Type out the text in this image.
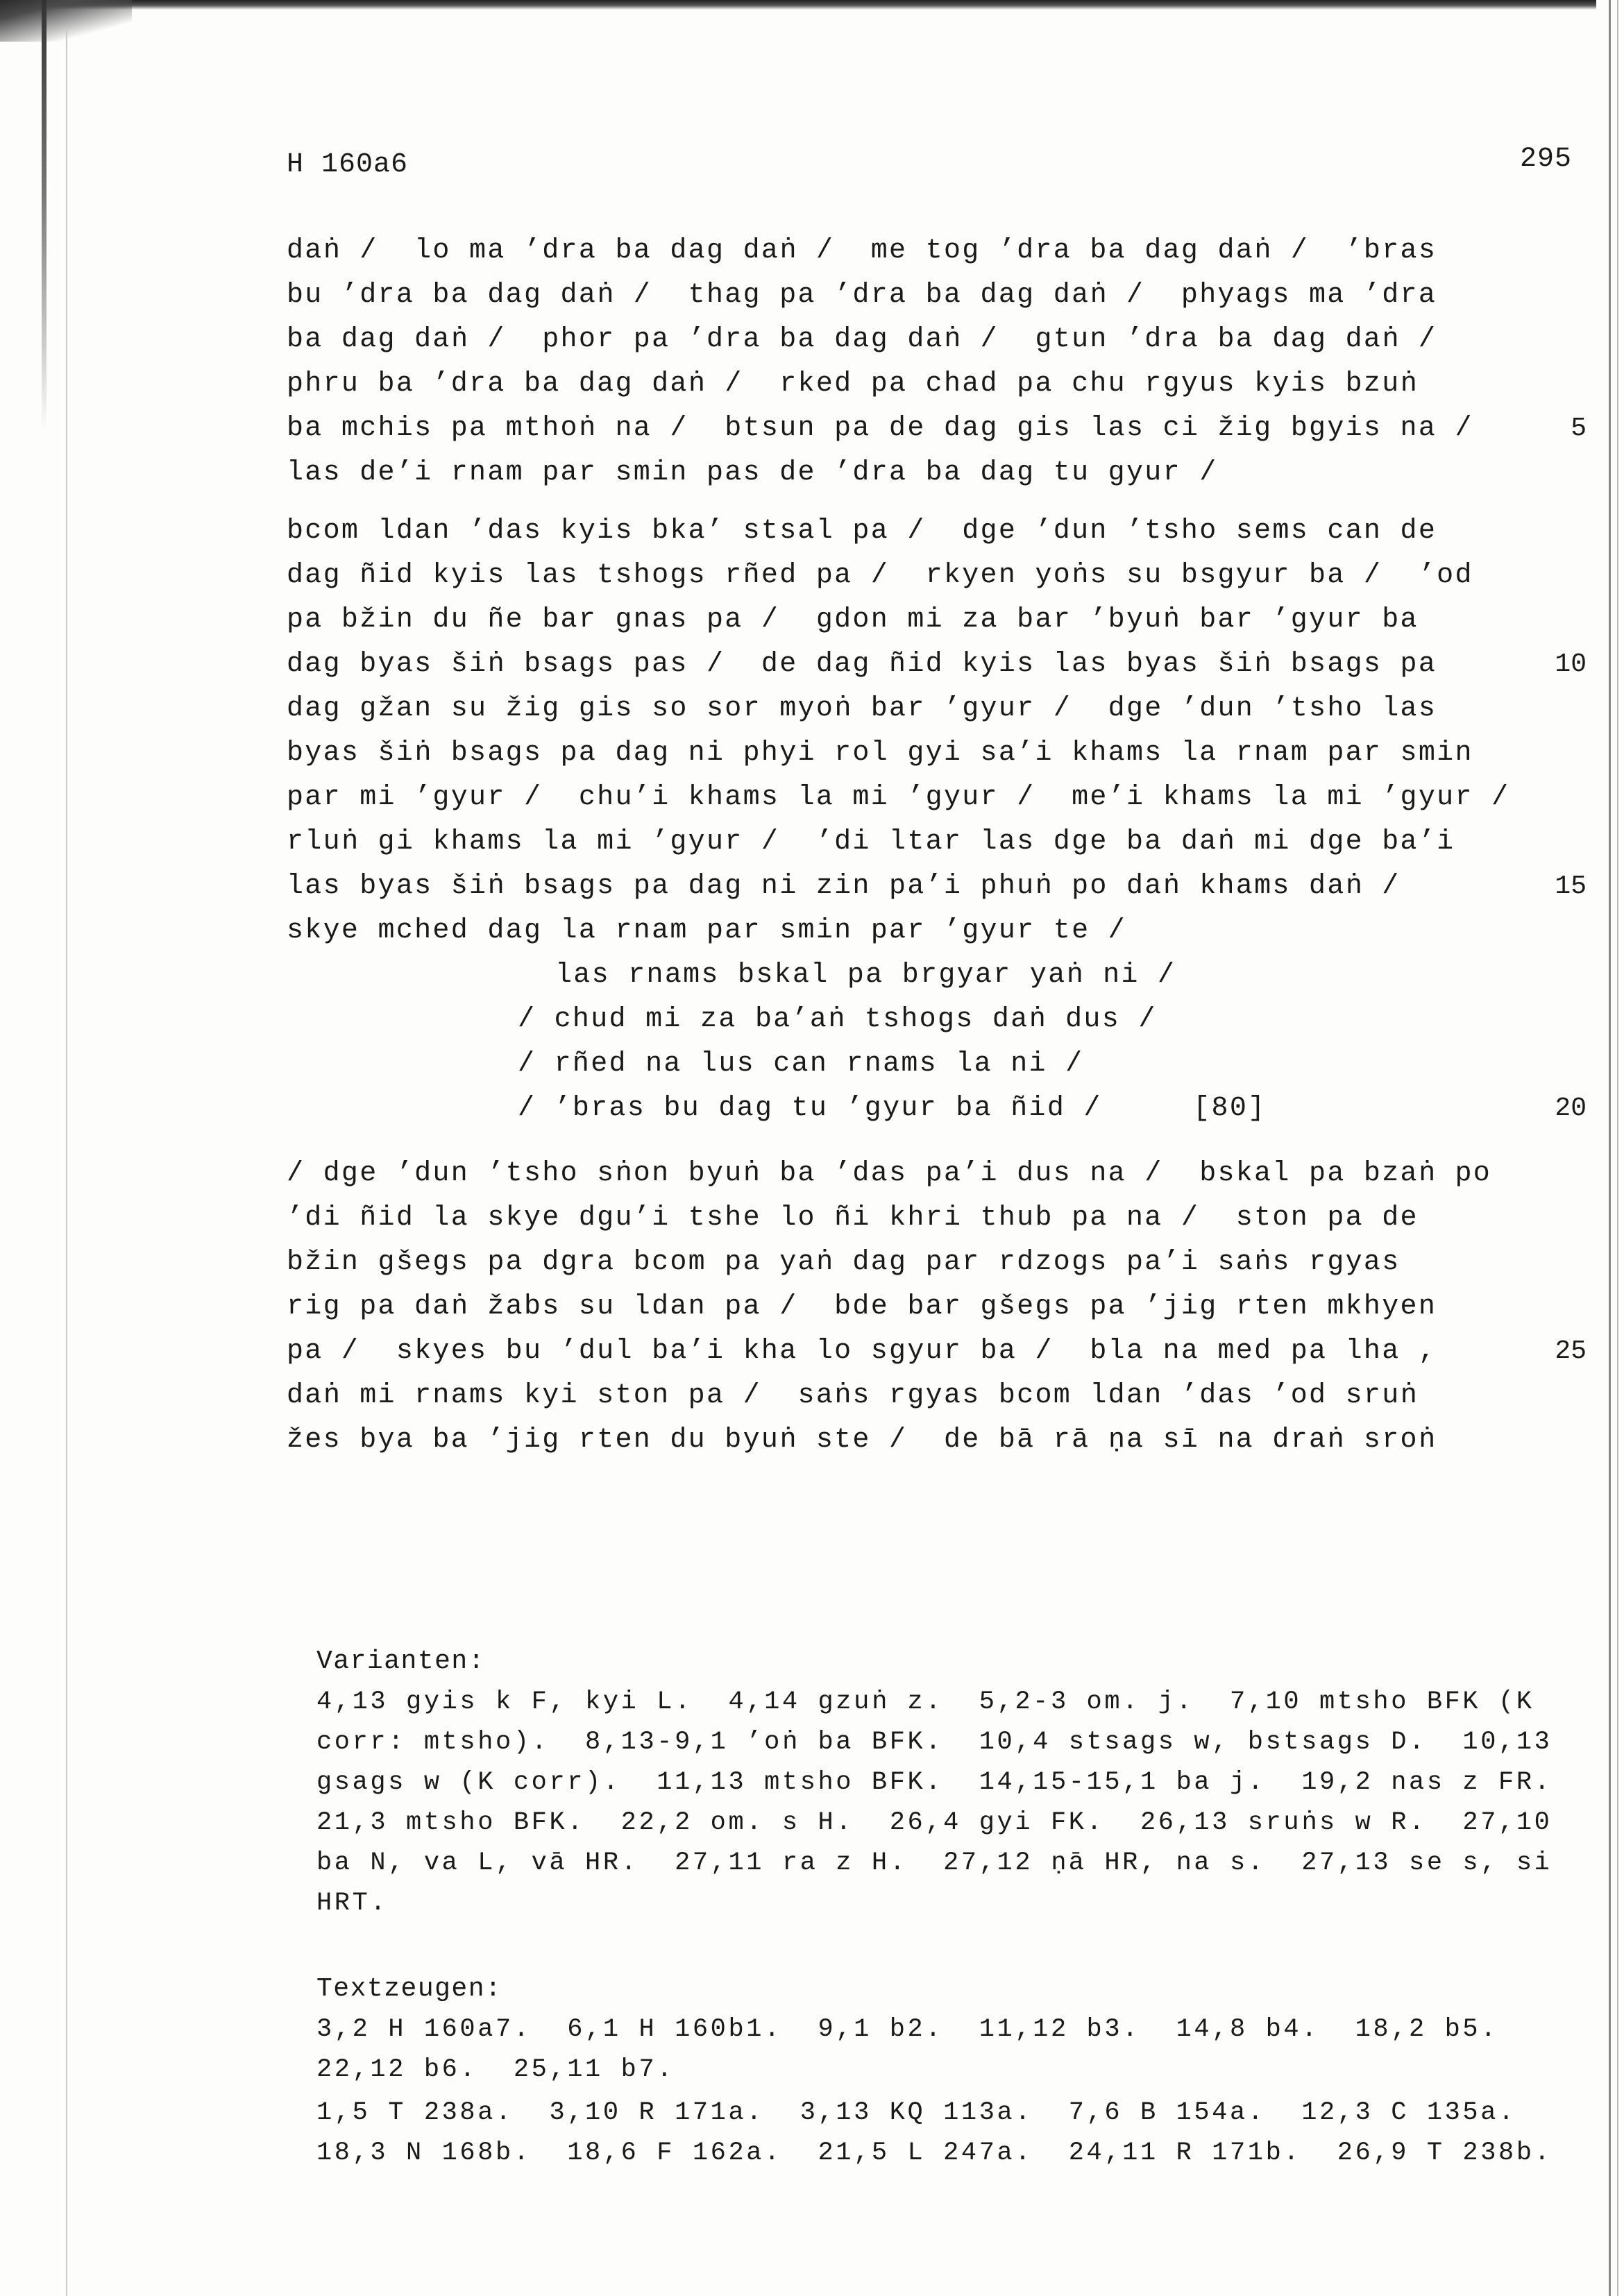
H 160a6	295
daṅ /  lo ma ’dra ba dag daṅ /  me tog ’dra ba dag daṅ /  ’bras
bu ’dra ba dag daṅ /  thag pa ’dra ba dag daṅ /  phyags ma ’dra
ba dag daṅ /  phor pa ’dra ba dag daṅ /  gtun ’dra ba dag daṅ /
phru ba ’dra ba dag daṅ /  rked pa chad pa chu rgyus kyis bzuṅ
ba mchis pa mthoṅ na /  btsun pa de dag gis las ci žig bgyis na /	5
las de’i rnam par smin pas de ’dra ba dag tu gyur /
bcom ldan ’das kyis bka’ stsal pa /  dge ’dun ’tsho sems can de
dag ñid kyis las tshogs rñed pa /  rkyen yoṅs su bsgyur ba /  ’od
pa bžin du ñe bar gnas pa /  gdon mi za bar ’byuṅ bar ’gyur ba
dag byas šiṅ bsags pas /  de dag ñid kyis las byas šiṅ bsags pa	10
dag gžan su žig gis so sor myoṅ bar ’gyur /  dge ’dun ’tsho las
byas šiṅ bsags pa dag ni phyi rol gyi sa’i khams la rnam par smin
par mi ’gyur /  chu’i khams la mi ’gyur /  me’i khams la mi ’gyur /
rluṅ gi khams la mi ’gyur /  ’di ltar las dge ba daṅ mi dge ba’i
las byas šiṅ bsags pa dag ni zin pa’i phuṅ po daṅ khams daṅ /	15
skye mched dag la rnam par smin par ’gyur te /
las rnams bskal pa brgyar yaṅ ni /
/ chud mi za ba’aṅ tshogs daṅ dus /
/ rñed na lus can rnams la ni /
/ ’bras bu dag tu ’gyur ba ñid /     [80]	20
/ dge ’dun ’tsho sṅon byuṅ ba ’das pa’i dus na /  bskal pa bzaṅ po
’di ñid la skye dgu’i tshe lo ñi khri thub pa na /  ston pa de
bžin gšegs pa dgra bcom pa yaṅ dag par rdzogs pa’i saṅs rgyas
rig pa daṅ žabs su ldan pa /  bde bar gšegs pa ’jig rten mkhyen
pa /  skyes bu ’dul ba’i kha lo sgyur ba /  bla na med pa lha ,	25
daṅ mi rnams kyi ston pa /  saṅs rgyas bcom ldan ’das ’od sruṅ
žes bya ba ’jig rten du byuṅ ste /  de bā rā ṇa sī na draṅ sroṅ
Varianten:
4,13 gyis k F, kyi L.  4,14 gzuṅ z.  5,2-3 om. j.  7,10 mtsho BFK (K
corr: mtsho).  8,13-9,1 ’oṅ ba BFK.  10,4 stsags w, bstsags D.  10,13
gsags w (K corr).  11,13 mtsho BFK.  14,15-15,1 ba j.  19,2 nas z FR.
21,3 mtsho BFK.  22,2 om. s H.  26,4 gyi FK.  26,13 sruṅs w R.  27,10
ba N, va L, vā HR.  27,11 ra z H.  27,12 ṇā HR, na s.  27,13 se s, si
HRT.
Textzeugen:
3,2 H 160a7.  6,1 H 160b1.  9,1 b2.  11,12 b3.  14,8 b4.  18,2 b5.
22,12 b6.  25,11 b7.
1,5 T 238a.  3,10 R 171a.  3,13 KQ 113a.  7,6 B 154a.  12,3 C 135a.
18,3 N 168b.  18,6 F 162a.  21,5 L 247a.  24,11 R 171b.  26,9 T 238b.
